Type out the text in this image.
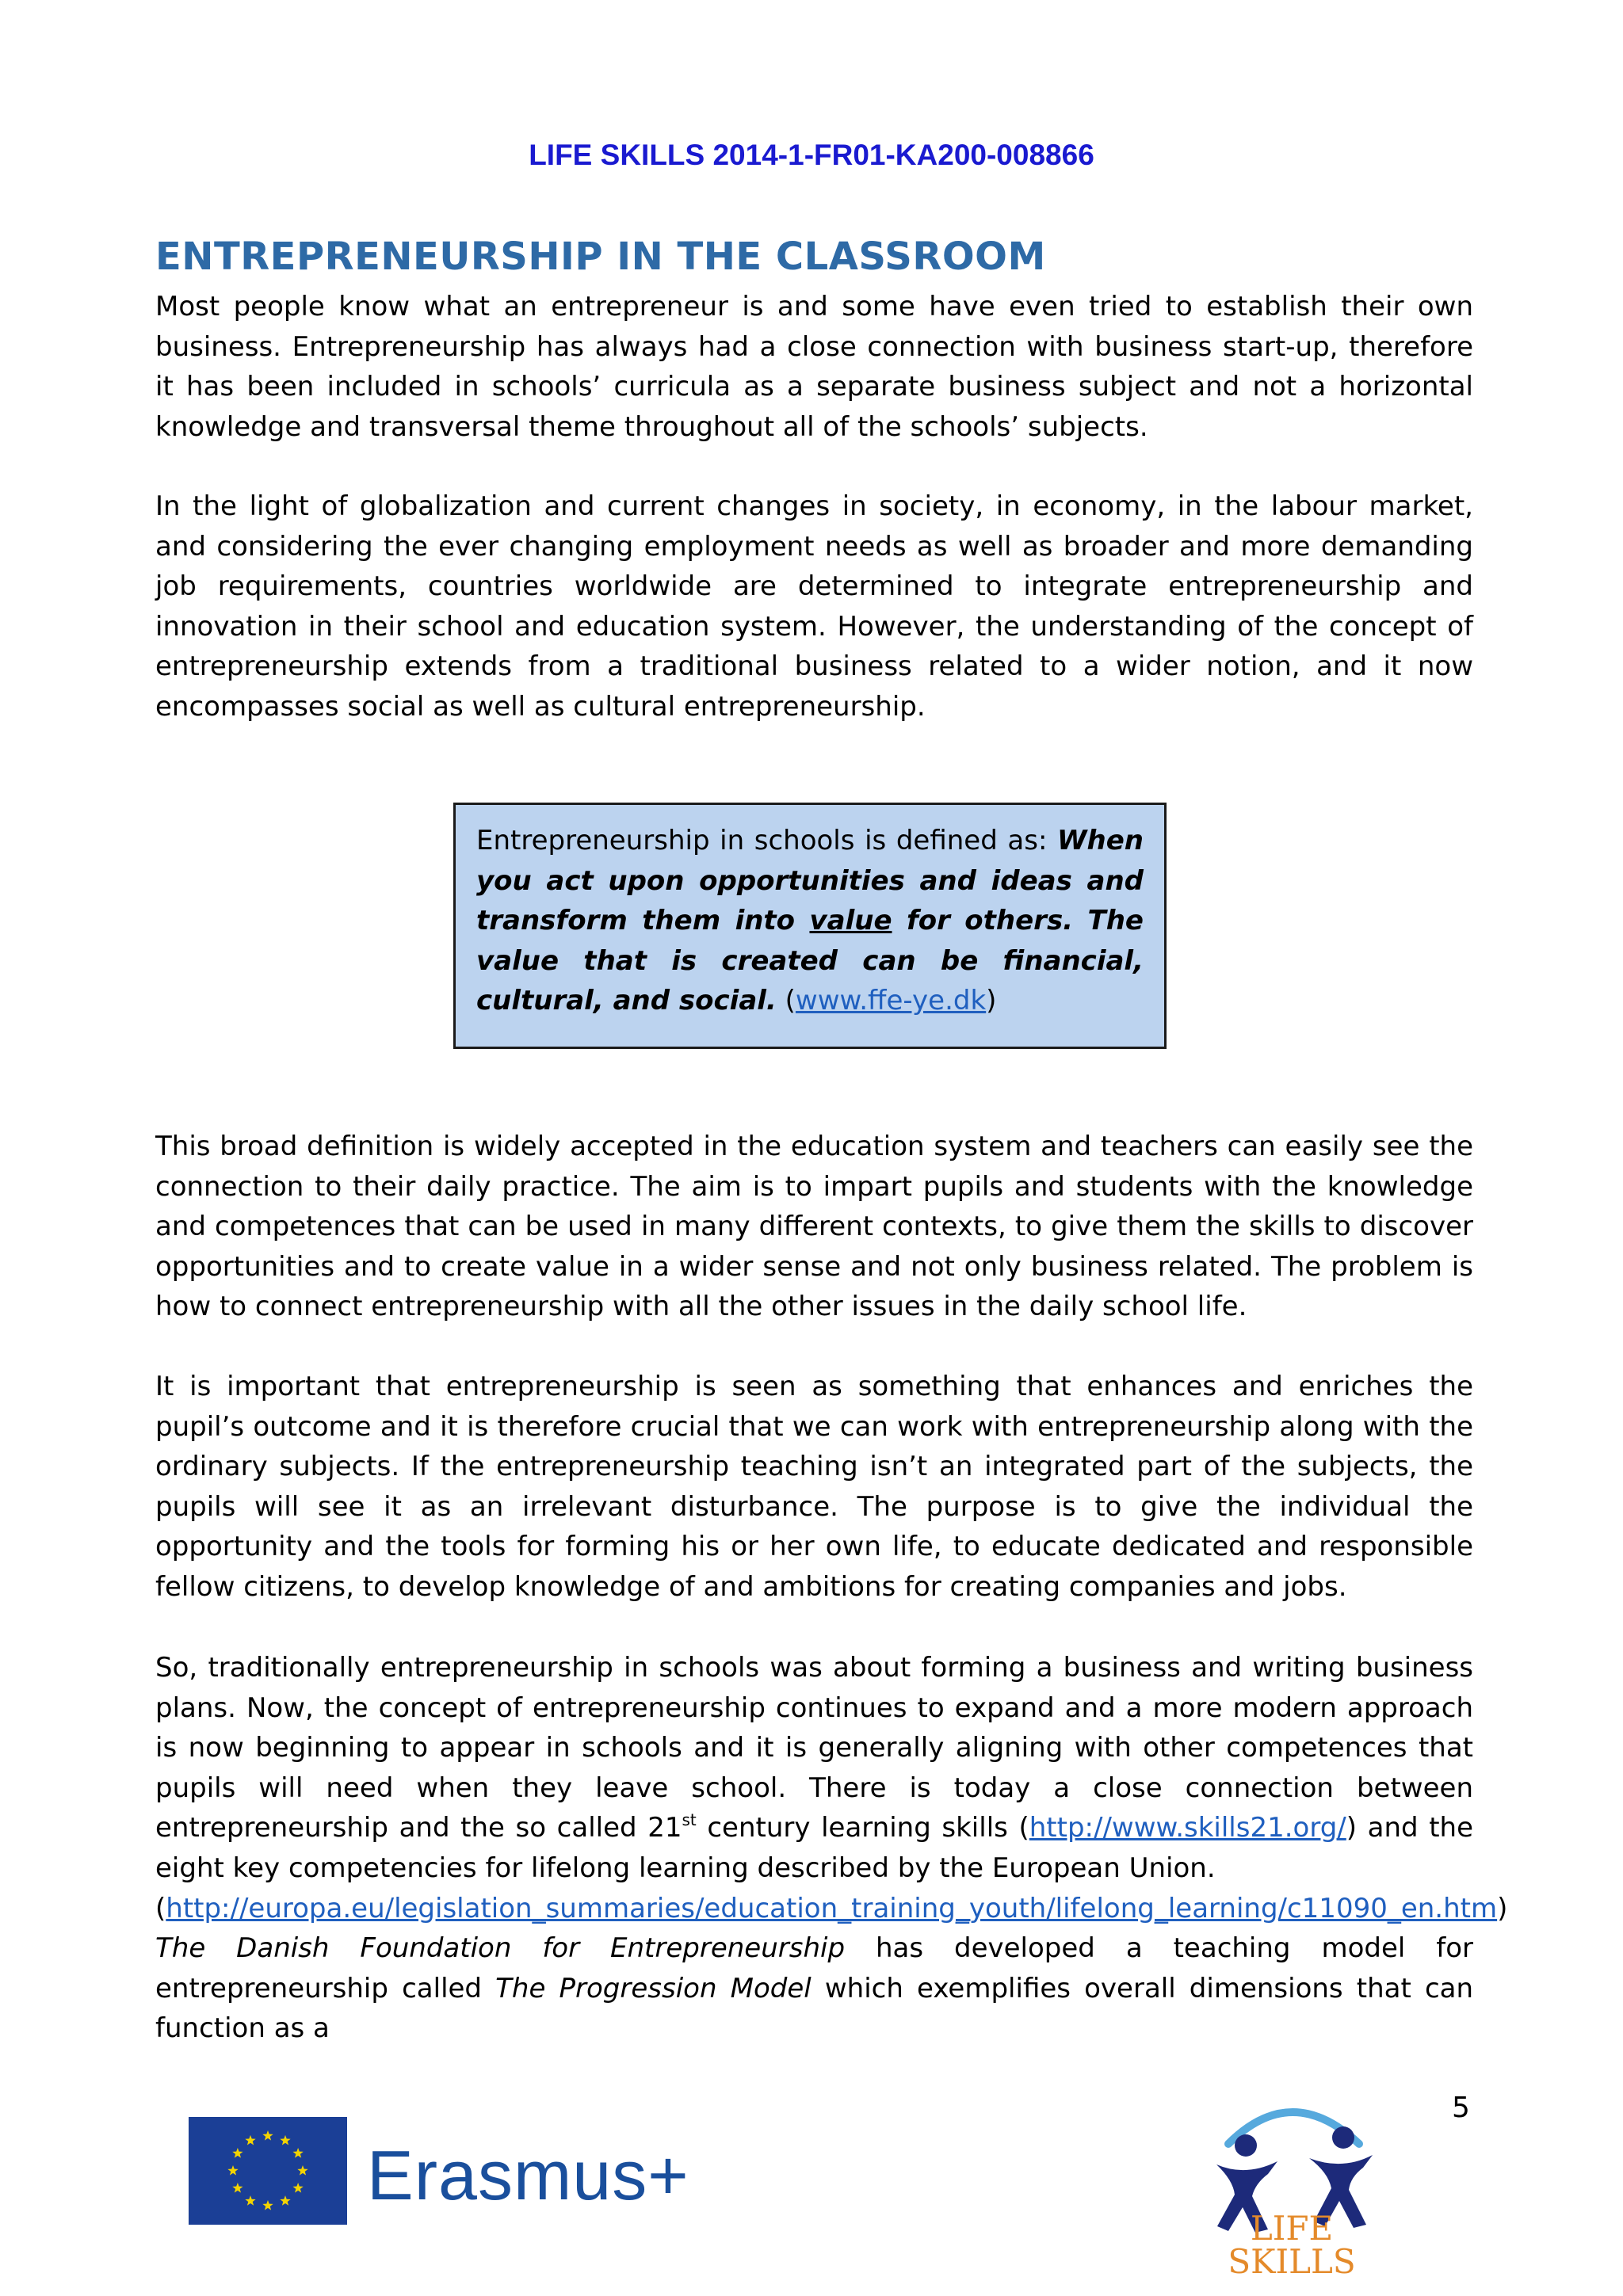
LIFE SKILLS 2014-1-FR01-KA200-008866
ENTREPRENEURSHIP IN THE CLASSROOM

Most people know what an entrepreneur is and some have even tried to establish their own business. Entrepreneurship has always had a close connection with business start-up, therefore it has been included in schools’ curricula as a separate business subject and not a horizontal knowledge and transversal theme throughout all of the schools’ subjects.

In the light of globalization and current changes in society, in economy, in the labour market, and considering the ever changing employment needs as well as broader and more demanding job requirements, countries worldwide are determined to integrate entrepreneurship and innovation in their school and education system. However, the understanding of the concept of entrepreneurship extends from a traditional business related to a wider notion, and it now encompasses social as well as cultural entrepreneurship.

Entrepreneurship in schools is defined as: When you act upon opportunities and ideas and transform them into value for others. The value that is created can be financial, cultural, and social. (www.ffe-ye.dk)

This broad definition is widely accepted in the education system and teachers can easily see the connection to their daily practice. The aim is to impart pupils and students with the knowledge and competences that can be used in many different contexts, to give them the skills to discover opportunities and to create value in a wider sense and not only business related. The problem is how to connect entrepreneurship with all the other issues in the daily school life.

It is important that entrepreneurship is seen as something that enhances and enriches the pupil’s outcome and it is therefore crucial that we can work with entrepreneurship along with the ordinary subjects. If the entrepreneurship teaching isn’t an integrated part of the subjects, the pupils will see it as an irrelevant disturbance. The purpose is to give the individual the opportunity and the tools for forming his or her own life, to educate dedicated and responsible fellow citizens, to develop knowledge of and ambitions for creating companies and jobs.

So, traditionally entrepreneurship in schools was about forming a business and writing business plans. Now, the concept of entrepreneurship continues to expand and a more modern approach is now beginning to appear in schools and it is generally aligning with other competences that pupils will need when they leave school. There is today a close connection between entrepreneurship and the so called 21st century learning skills (http://www.skills21.org/) and the eight key competencies for lifelong learning described by the European Union.
(http://europa.eu/legislation_summaries/education_training_youth/lifelong_learning/c11090_en.htm)
The Danish Foundation for Entrepreneurship has developed a teaching model for entrepreneurship called The Progression Model which exemplifies overall dimensions that can function as a

5
Erasmus+
LIFE SKILLS
